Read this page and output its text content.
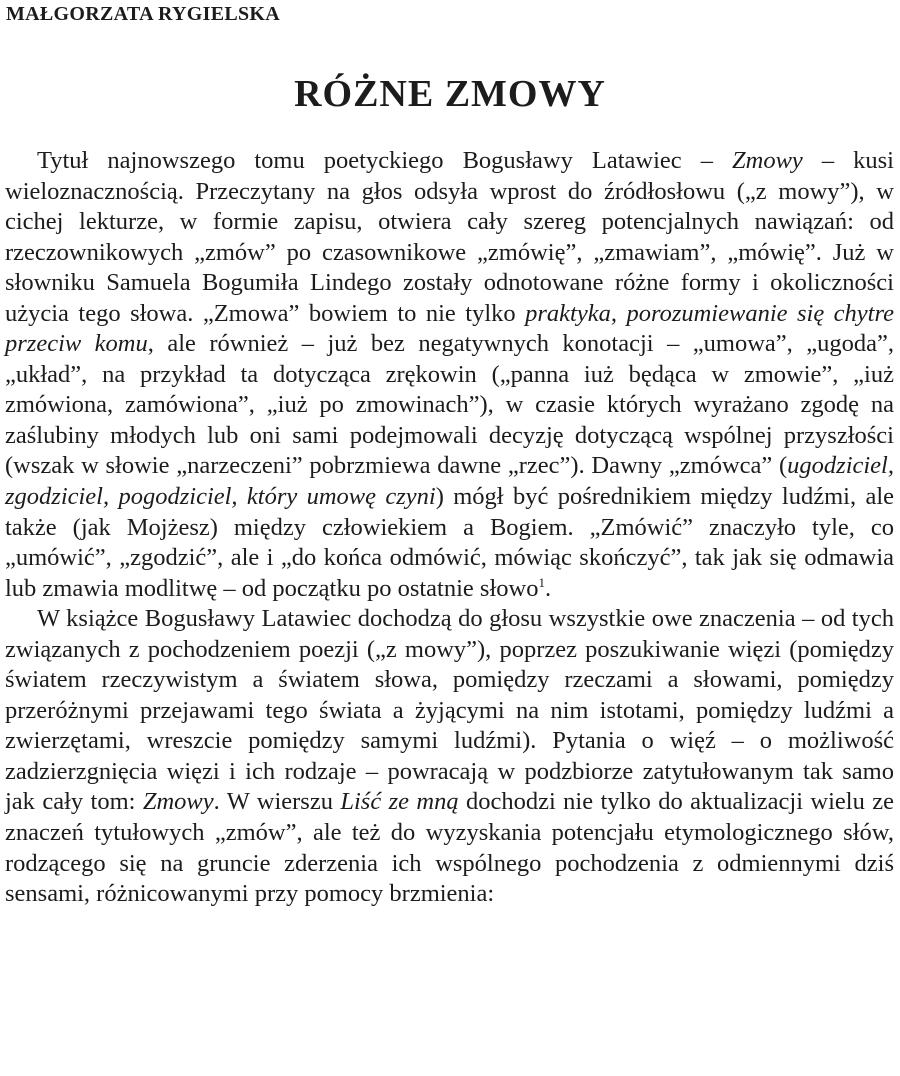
MAŁGORZATA RYGIELSKA

RÓŻNE ZMOWY

Tytuł najnowszego tomu poetyckiego Bogusławy Latawiec – Zmowy – kusi wieloznacznością. Przeczytany na głos odsyła wprost do źródłosłowu („z mowy”), w cichej lekturze, w formie zapisu, otwiera cały szereg potencjalnych nawiązań: od rzeczownikowych „zmów” po czasownikowe „zmówię”, „zmawiam”, „mówię”. Już w słowniku Samuela Bogumiła Lindego zostały odnotowane różne formy i okoliczności użycia tego słowa. „Zmowa” bowiem to nie tylko praktyka, porozumiewanie się chytre przeciw komu, ale również – już bez negatywnych konotacji – „umowa”, „ugoda”, „układ”, na przykład ta dotycząca zrękowin („panna iuż będąca w zmowie”, „iuż zmówiona, zamówiona”, „iuż po zmowinach”), w czasie których wyrażano zgodę na zaślubiny młodych lub oni sami podejmowali decyzję dotyczącą wspólnej przyszłości (wszak w słowie „narzeczeni” pobrzmiewa dawne „rzec”). Dawny „zmówca” (ugodziciel, zgodziciel, pogodziciel, który umowę czyni) mógł być pośrednikiem między ludźmi, ale także (jak Mojżesz) między człowiekiem a Bogiem. „Zmówić” znaczyło tyle, co „umówić”, „zgodzić”, ale i „do końca odmówić, mówiąc skończyć”, tak jak się odmawia lub zmawia modlitwę – od początku po ostatnie słowo$^1$.

W książce Bogusławy Latawiec dochodzą do głosu wszystkie owe znaczenia – od tych związanych z pochodzeniem poezji („z mowy”), poprzez poszukiwanie więzi (pomiędzy światem rzeczywistym a światem słowa, pomiędzy rzeczami a słowami, pomiędzy przeróżnymi przejawami tego świata a żyjącymi na nim istotami, pomiędzy ludźmi a zwierzętami, wreszcie pomiędzy samymi ludźmi). Pytania o więź – o możliwość zadzierzgnięcia więzi i ich rodzaje – powracają w podzbiorze zatytułowanym tak samo jak cały tom: Zmowy. W wierszu Liść ze mną dochodzi nie tylko do aktualizacji wielu ze znaczeń tytułowych „zmów”, ale też do wyzyskania potencjału etymologicznego słów, rodzącego się na gruncie zderzenia ich wspólnego pochodzenia z odmiennymi dziś sensami, różnicowanymi przy pomocy brzmienia:
